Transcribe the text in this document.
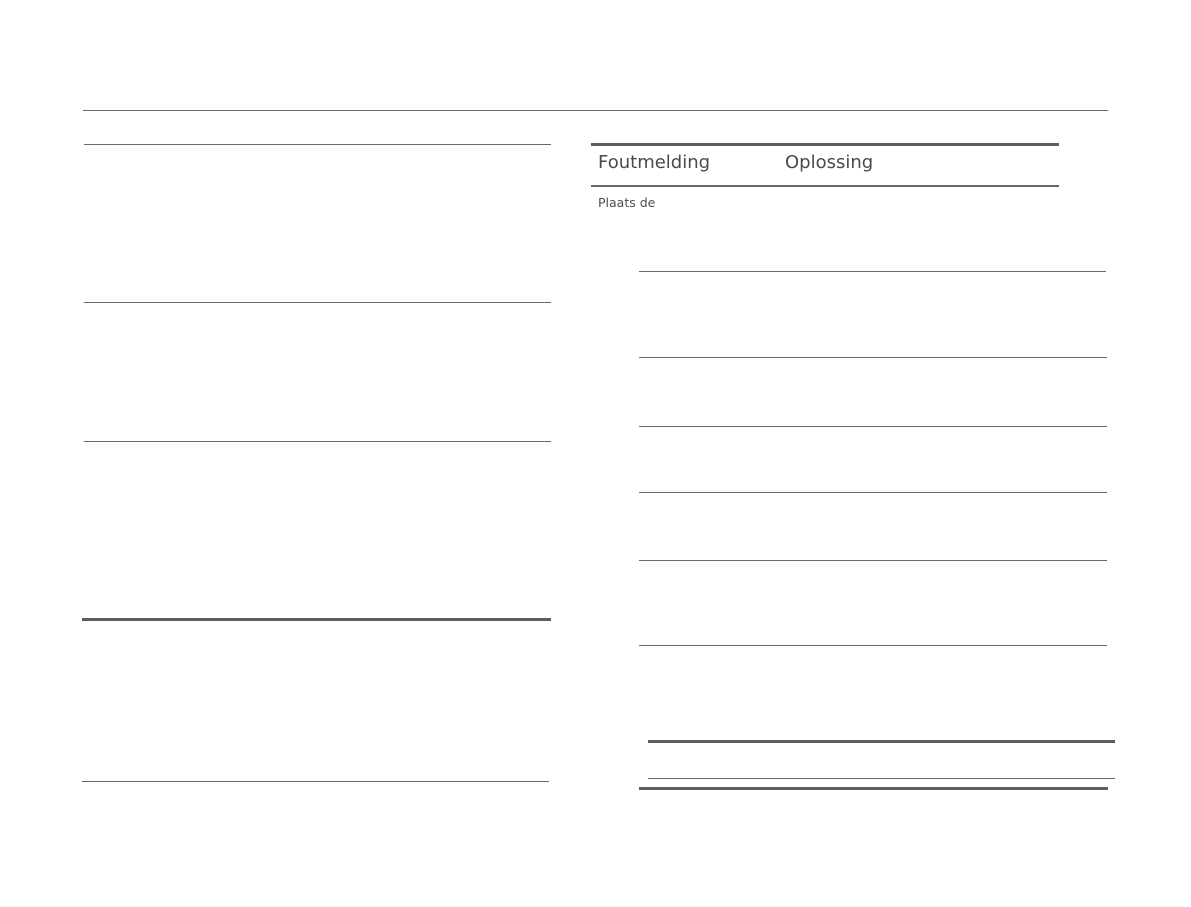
Foutmelding	Oplossing
Plaats de
